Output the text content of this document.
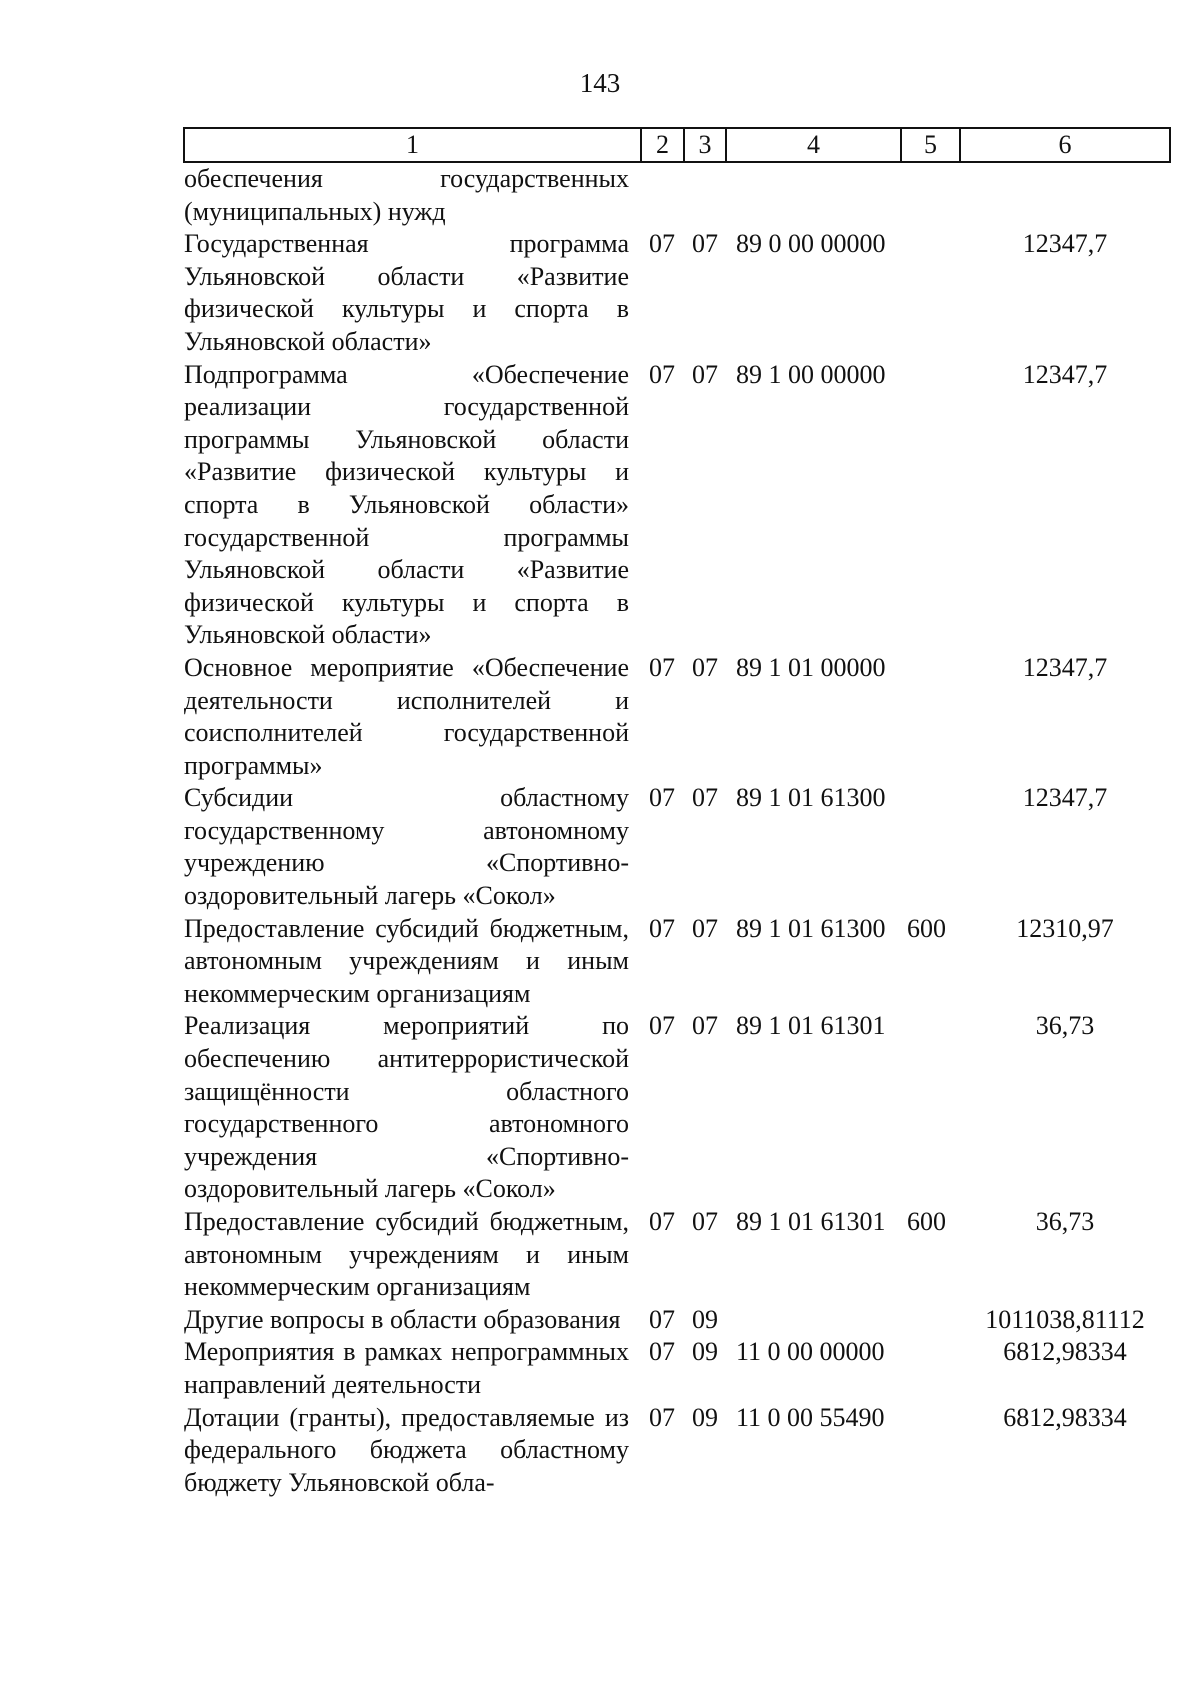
143
1	2	3	4	5	6
обеспечения государственных (муниципальных) нужд					
Государственная программа Ульяновской области «Развитие физической культуры и спорта в Ульяновской области»	07	07	89 0 00 00000		12347,7
Подпрограмма «Обеспечение реализации государственной программы Ульяновской области «Развитие физической культуры и спорта в Ульяновской области» государственной программы Ульяновской области «Развитие физической культуры и спорта в Ульяновской области»	07	07	89 1 00 00000		12347,7
Основное мероприятие «Обеспечение деятельности исполнителей и соисполнителей государственной программы»	07	07	89 1 01 00000		12347,7
Субсидии областному государственному автономному учреждению «Спортивно-оздоровительный лагерь «Сокол»	07	07	89 1 01 61300		12347,7
Предоставление субсидий бюджетным, автономным учреждениям и иным некоммерческим организациям	07	07	89 1 01 61300	600	12310,97
Реализация мероприятий по обеспечению антитеррористической защищённости областного государственного автономного учреждения «Спортивно-оздоровительный лагерь «Сокол»	07	07	89 1 01 61301		36,73
Предоставление субсидий бюджетным, автономным учреждениям и иным некоммерческим организациям	07	07	89 1 01 61301	600	36,73
Другие вопросы в области образования	07	09			1011038,81112
Мероприятия в рамках непрограммных направлений деятельности	07	09	11 0 00 00000		6812,98334
Дотации (гранты), предоставляемые из федерального бюджета областному бюджету Ульяновской обла-	07	09	11 0 00 55490		6812,98334
